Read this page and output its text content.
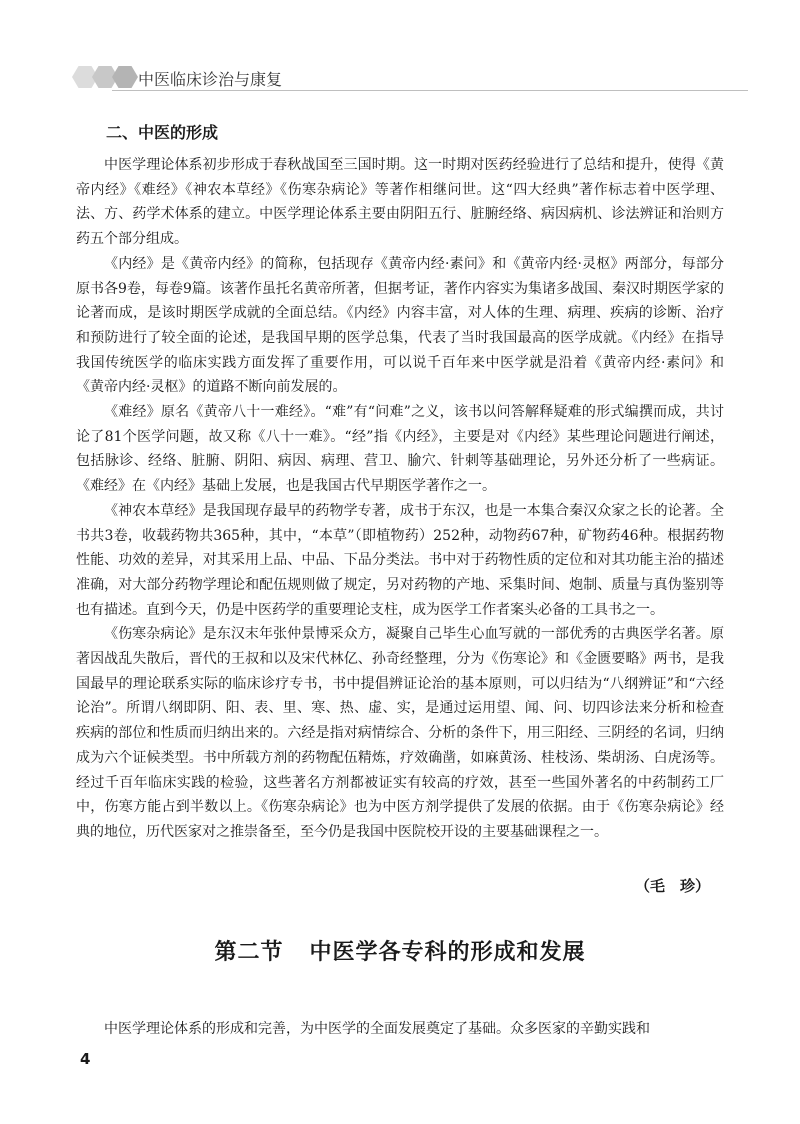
中医临床诊治与康复
二、中医的形成

中医学理论体系初步形成于春秋战国至三国时期。这一时期对医药经验进行了总结和提升，使得《黄帝内经》《难经》《神农本草经》《伤寒杂病论》等著作相继问世。这“四大经典”著作标志着中医学理、法、方、药学术体系的建立。中医学理论体系主要由阴阳五行、脏腑经络、病因病机、诊法辨证和治则方药五个部分组成。

《内经》是《黄帝内经》的简称，包括现存《黄帝内经·素问》和《黄帝内经·灵枢》两部分，每部分原书各9卷，每卷9篇。该著作虽托名黄帝所著，但据考证，著作内容实为集诸多战国、秦汉时期医学家的论著而成，是该时期医学成就的全面总结。《内经》内容丰富，对人体的生理、病理、疾病的诊断、治疗和预防进行了较全面的论述，是我国早期的医学总集，代表了当时我国最高的医学成就。《内经》在指导我国传统医学的临床实践方面发挥了重要作用，可以说千百年来中医学就是沿着《黄帝内经·素问》和《黄帝内经·灵枢》的道路不断向前发展的。

《难经》原名《黄帝八十一难经》。“难”有“问难”之义，该书以问答解释疑难的形式编撰而成，共讨论了81个医学问题，故又称《八十一难》。“经”指《内经》，主要是对《内经》某些理论问题进行阐述，包括脉诊、经络、脏腑、阴阳、病因、病理、营卫、腧穴、针刺等基础理论，另外还分析了一些病证。《难经》在《内经》基础上发展，也是我国古代早期医学著作之一。

《神农本草经》是我国现存最早的药物学专著，成书于东汉，也是一本集合秦汉众家之长的论著。全书共3卷，收载药物共365种，其中，“本草”（即植物药）252种，动物药67种，矿物药46种。根据药物性能、功效的差异，对其采用上品、中品、下品分类法。书中对于药物性质的定位和对其功能主治的描述准确，对大部分药物学理论和配伍规则做了规定，另对药物的产地、采集时间、炮制、质量与真伪鉴别等也有描述。直到今天，仍是中医药学的重要理论支柱，成为医学工作者案头必备的工具书之一。

《伤寒杂病论》是东汉末年张仲景博采众方，凝聚自己毕生心血写就的一部优秀的古典医学名著。原著因战乱失散后，晋代的王叔和以及宋代林亿、孙奇经整理，分为《伤寒论》和《金匮要略》两书，是我国最早的理论联系实际的临床诊疗专书，书中提倡辨证论治的基本原则，可以归结为“八纲辨证”和“六经论治”。所谓八纲即阴、阳、表、里、寒、热、虚、实，是通过运用望、闻、问、切四诊法来分析和检查疾病的部位和性质而归纳出来的。六经是指对病情综合、分析的条件下，用三阳经、三阴经的名词，归纳成为六个证候类型。书中所载方剂的药物配伍精炼，疗效确凿，如麻黄汤、桂枝汤、柴胡汤、白虎汤等。经过千百年临床实践的检验，这些著名方剂都被证实有较高的疗效，甚至一些国外著名的中药制药工厂中，伤寒方能占到半数以上。《伤寒杂病论》也为中医方剂学提供了发展的依据。由于《伤寒杂病论》经典的地位，历代医家对之推崇备至，至今仍是我国中医院校开设的主要基础课程之一。

（毛　珍）
第二节 中医学各专科的形成和发展

中医学理论体系的形成和完善，为中医学的全面发展奠定了基础。众多医家的辛勤实践和

4
